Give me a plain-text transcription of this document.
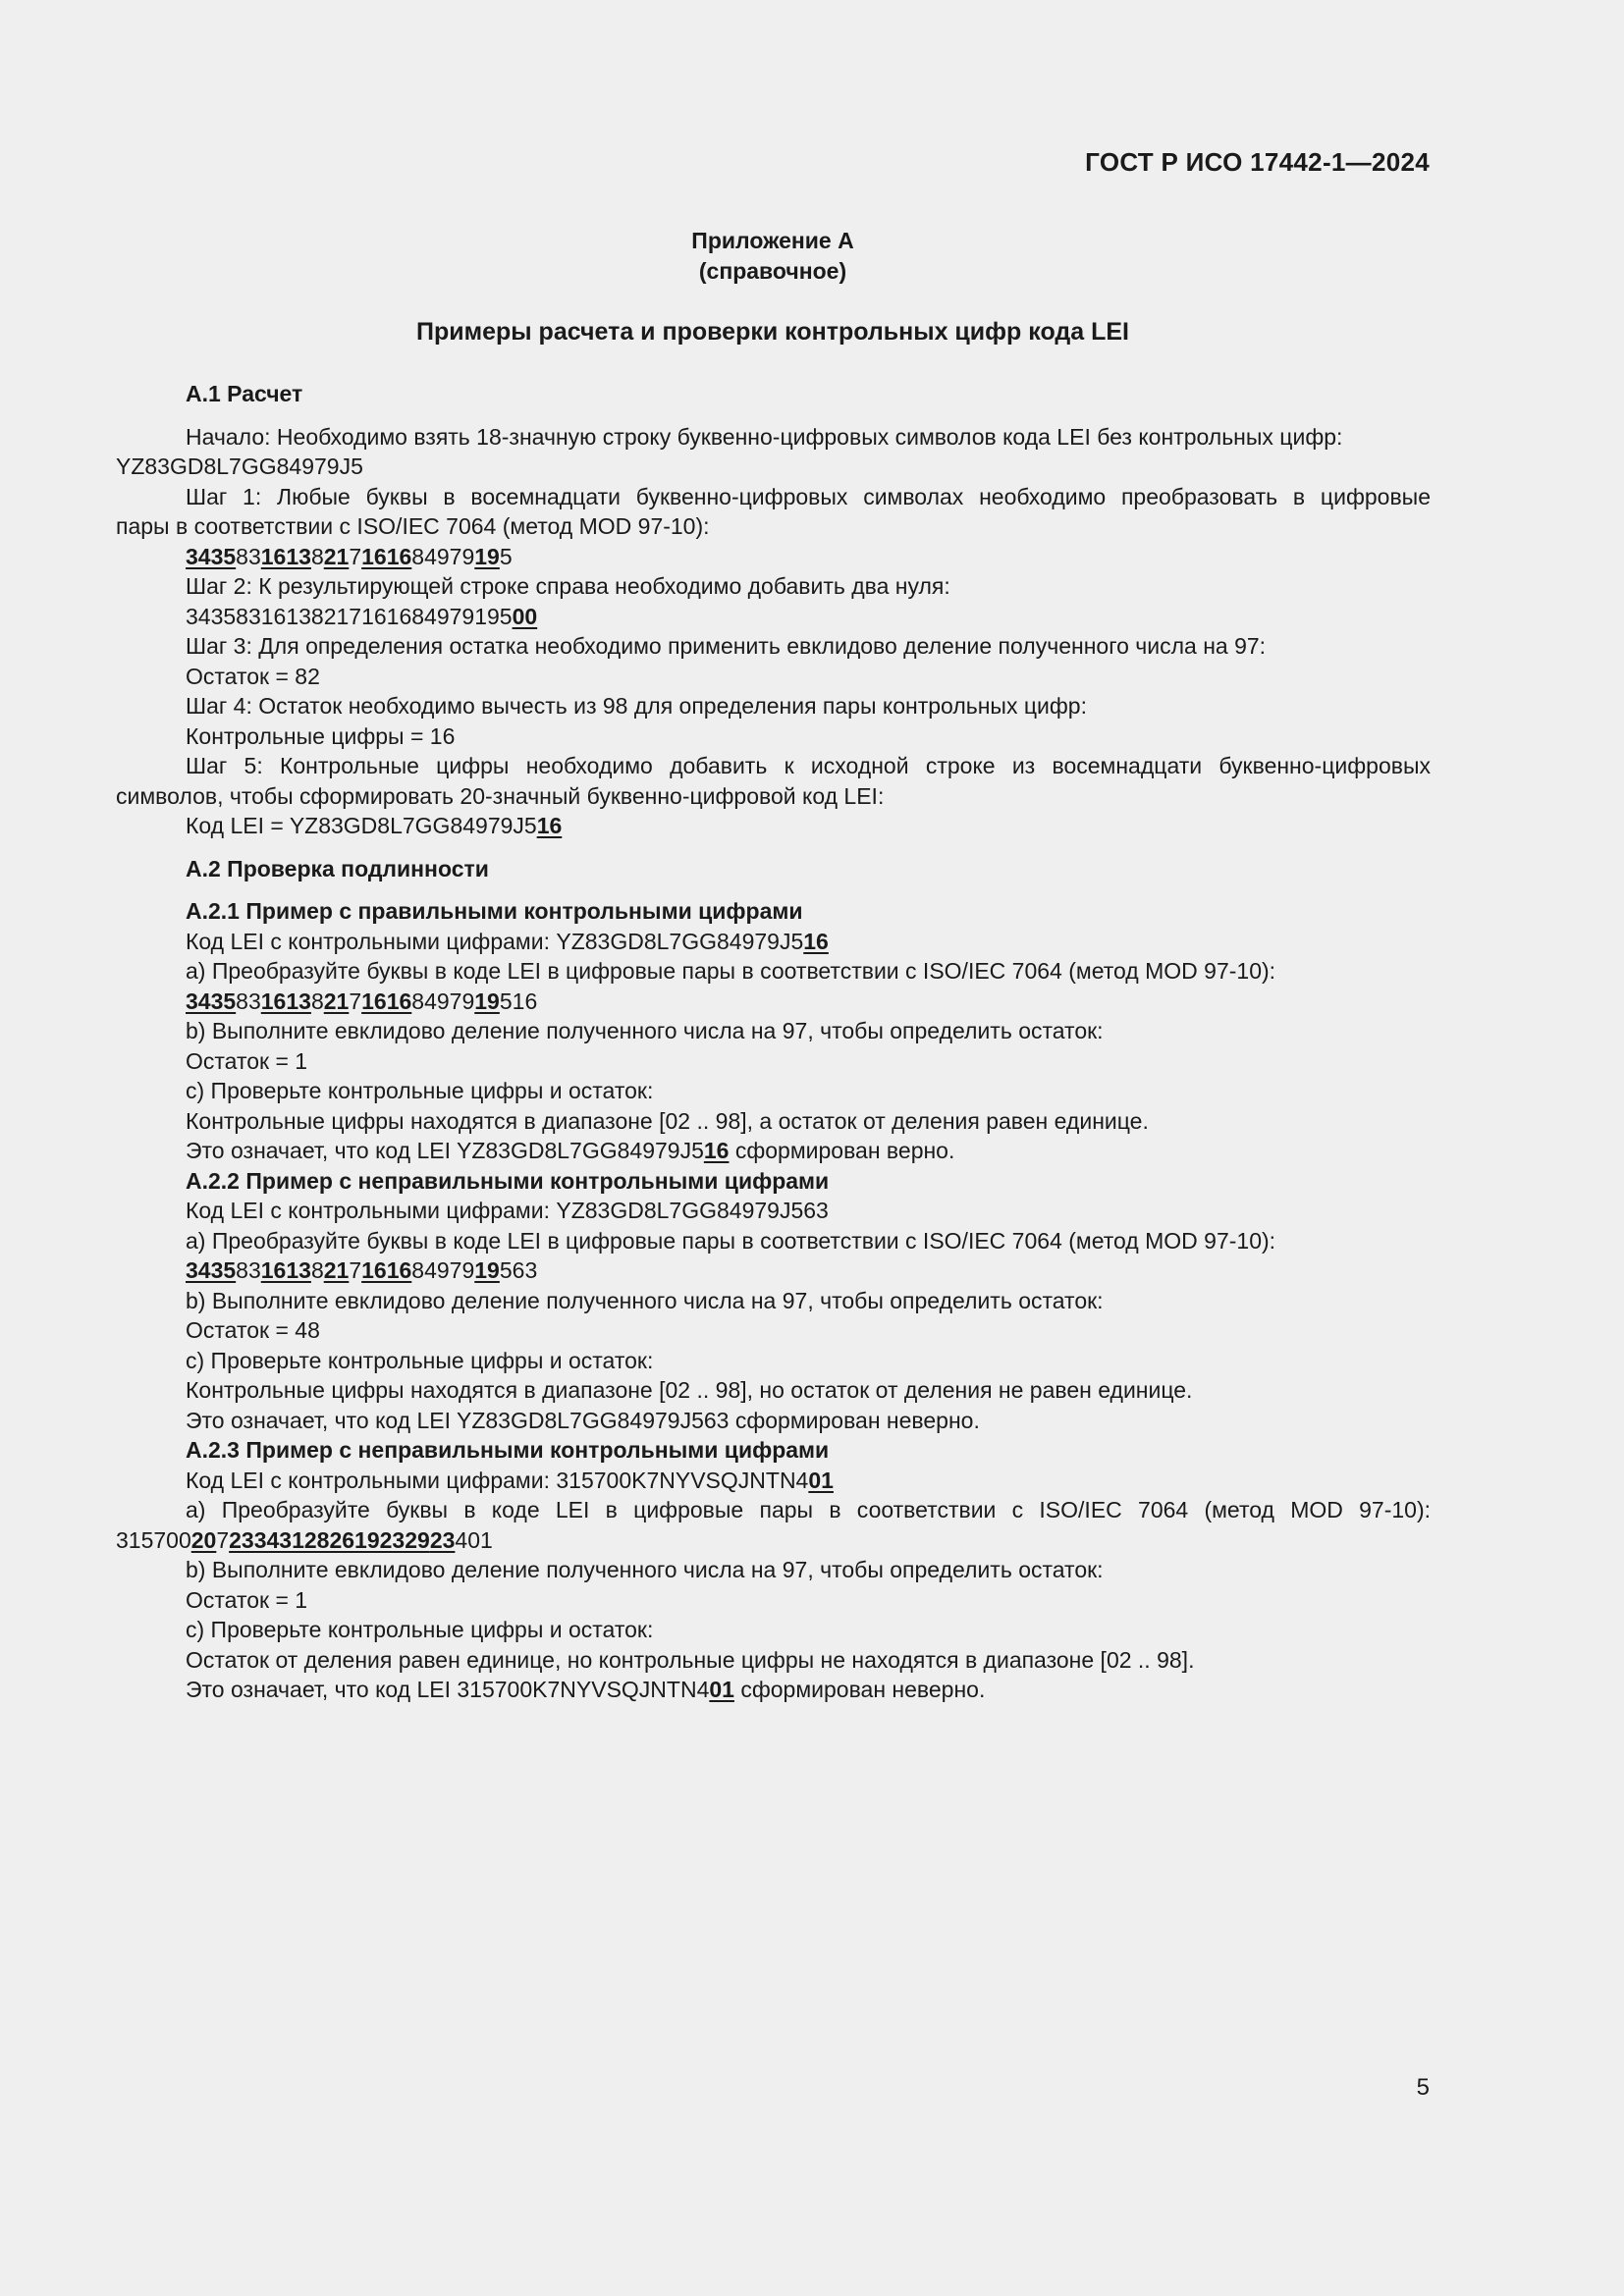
ГОСТ Р ИСО 17442-1—2024
Приложение А
(справочное)
Примеры расчета и проверки контрольных цифр кода LEI
А.1 Расчет
Начало: Необходимо взять 18-значную строку буквенно-цифровых символов кода LEI без контрольных цифр:
YZ83GD8L7GG84979J5
Шаг 1: Любые буквы в восемнадцати буквенно-цифровых символах необходимо преобразовать в цифровые
пары в соответствии с ISO/IEC 7064 (метод MOD 97-10):
34358316138217161684979195
Шаг 2: К результирующей строке справа необходимо добавить два нуля:
3435831613821716168497919500
Шаг 3: Для определения остатка необходимо применить евклидово деление полученного числа на 97:
Остаток = 82
Шаг 4: Остаток необходимо вычесть из 98 для определения пары контрольных цифр:
Контрольные цифры = 16
Шаг 5: Контрольные цифры необходимо добавить к исходной строке из восемнадцати буквенно-цифровых
символов, чтобы сформировать 20-значный буквенно-цифровой код LEI:
Код LEI = YZ83GD8L7GG84979J516
А.2 Проверка подлинности
А.2.1 Пример с правильными контрольными цифрами
Код LEI с контрольными цифрами: YZ83GD8L7GG84979J516
а) Преобразуйте буквы в коде LEI в цифровые пары в соответствии с ISO/IEC 7064 (метод MOD 97-10):
3435831613821716168497919516
b) Выполните евклидово деление полученного числа на 97, чтобы определить остаток:
Остаток = 1
с) Проверьте контрольные цифры и остаток:
Контрольные цифры находятся в диапазоне [02 .. 98], а остаток от деления равен единице.
Это означает, что код LEI YZ83GD8L7GG84979J516 сформирован верно.
А.2.2 Пример с неправильными контрольными цифрами
Код LEI с контрольными цифрами: YZ83GD8L7GG84979J563
а) Преобразуйте буквы в коде LEI в цифровые пары в соответствии с ISO/IEC 7064 (метод MOD 97-10):
3435831613821716168497919563
b) Выполните евклидово деление полученного числа на 97, чтобы определить остаток:
Остаток = 48
с) Проверьте контрольные цифры и остаток:
Контрольные цифры находятся в диапазоне [02 .. 98], но остаток от деления не равен единице.
Это означает, что код LEI YZ83GD8L7GG84979J563 сформирован неверно.
А.2.3 Пример с неправильными контрольными цифрами
Код LEI с контрольными цифрами: 315700K7NYVSQJNTN401
а) Преобразуйте буквы в коде LEI в цифровые пары в соответствии с ISO/IEC 7064 (метод MOD 97-10):
315700207233431282619232923401
b) Выполните евклидово деление полученного числа на 97, чтобы определить остаток:
Остаток = 1
с) Проверьте контрольные цифры и остаток:
Остаток от деления равен единице, но контрольные цифры не находятся в диапазоне [02 .. 98].
Это означает, что код LEI 315700K7NYVSQJNTN401 сформирован неверно.
5
